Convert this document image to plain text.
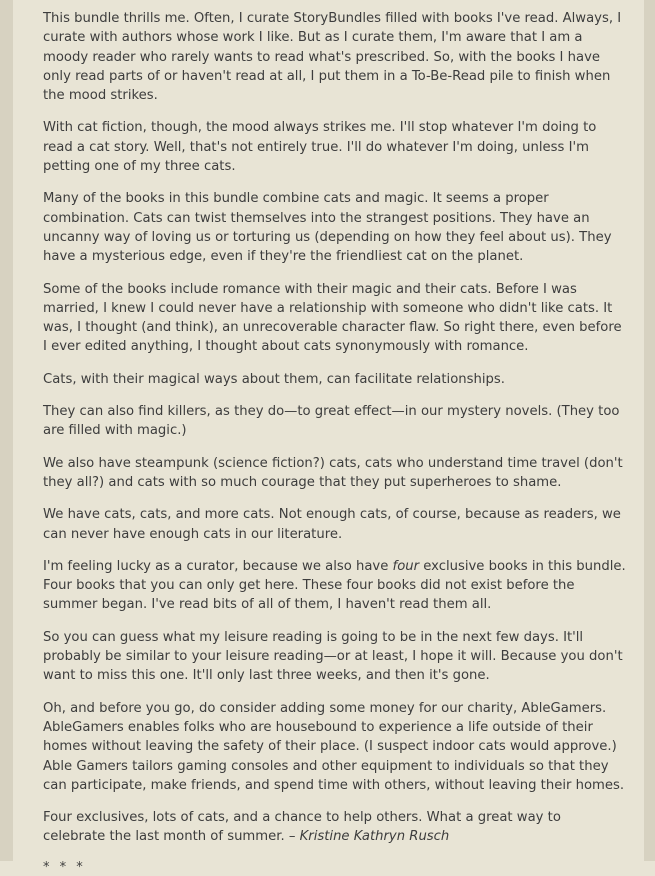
This bundle thrills me. Often, I curate StoryBundles filled with books I've read. Always, I curate with authors whose work I like. But as I curate them, I'm aware that I am a moody reader who rarely wants to read what's prescribed. So, with the books I have only read parts of or haven't read at all, I put them in a To-Be-Read pile to finish when the mood strikes.

With cat fiction, though, the mood always strikes me. I'll stop whatever I'm doing to read a cat story. Well, that's not entirely true. I'll do whatever I'm doing, unless I'm petting one of my three cats.

Many of the books in this bundle combine cats and magic. It seems a proper combination. Cats can twist themselves into the strangest positions. They have an uncanny way of loving us or torturing us (depending on how they feel about us). They have a mysterious edge, even if they're the friendliest cat on the planet.

Some of the books include romance with their magic and their cats. Before I was married, I knew I could never have a relationship with someone who didn't like cats. It was, I thought (and think), an unrecoverable character flaw. So right there, even before I ever edited anything, I thought about cats synonymously with romance.

Cats, with their magical ways about them, can facilitate relationships.

They can also find killers, as they do—to great effect—in our mystery novels. (They too are filled with magic.)

We also have steampunk (science fiction?) cats, cats who understand time travel (don't they all?) and cats with so much courage that they put superheroes to shame.

We have cats, cats, and more cats. Not enough cats, of course, because as readers, we can never have enough cats in our literature.

I'm feeling lucky as a curator, because we also have four exclusive books in this bundle. Four books that you can only get here. These four books did not exist before the summer began. I've read bits of all of them, I haven't read them all.

So you can guess what my leisure reading is going to be in the next few days. It'll probably be similar to your leisure reading—or at least, I hope it will. Because you don't want to miss this one. It'll only last three weeks, and then it's gone.

Oh, and before you go, do consider adding some money for our charity, AbleGamers. AbleGamers enables folks who are housebound to experience a life outside of their homes without leaving the safety of their place. (I suspect indoor cats would approve.) Able Gamers tailors gaming consoles and other equipment to individuals so that they can participate, make friends, and spend time with others, without leaving their homes.

Four exclusives, lots of cats, and a chance to help others. What a great way to celebrate the last month of summer. – Kristine Kathryn Rusch

* * *
